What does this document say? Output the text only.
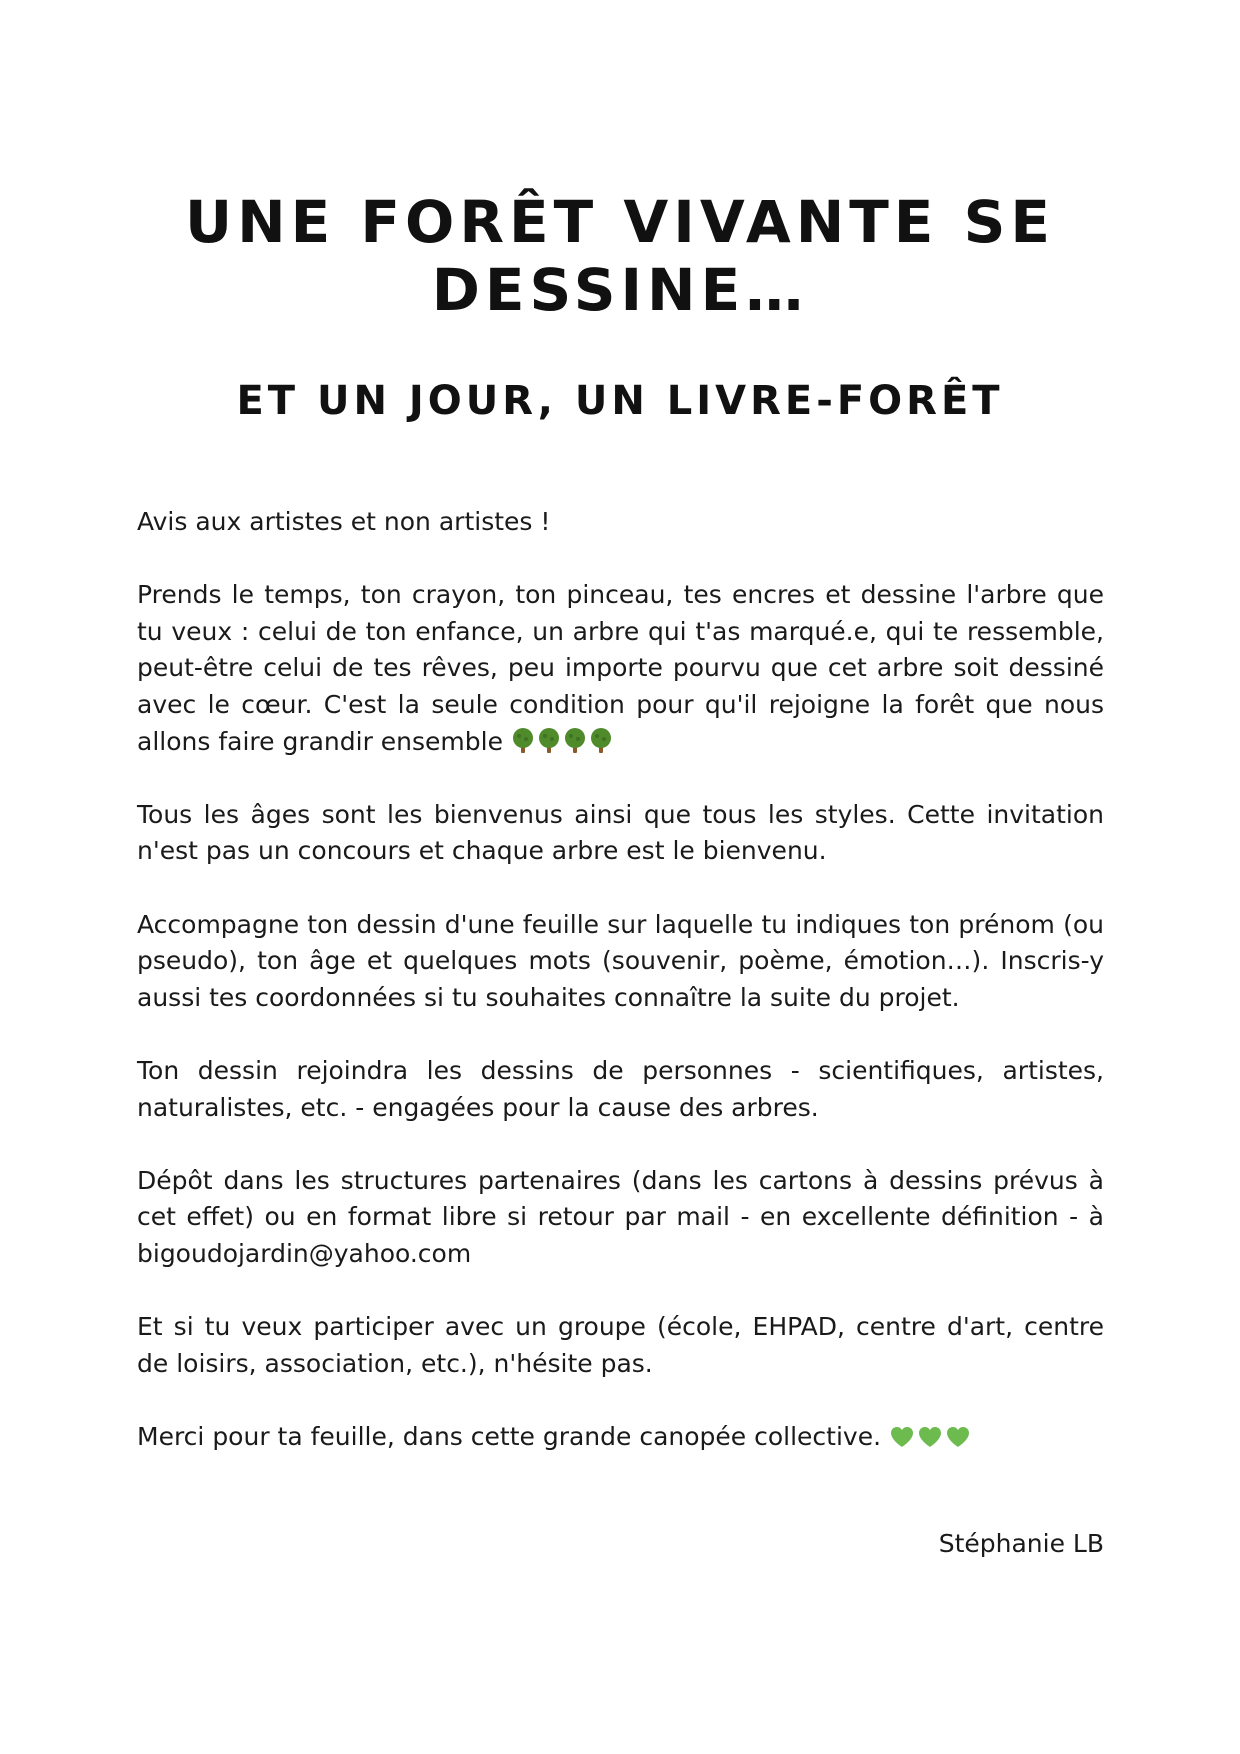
UNE FORÊT VIVANTE SE DESSINE…
ET UN JOUR, UN LIVRE-FORÊT

Avis aux artistes et non artistes !

Prends le temps, ton crayon, ton pinceau, tes encres et dessine l'arbre que tu veux : celui de ton enfance, un arbre qui t'as marqué.e, qui te ressemble, peut-être celui de tes rêves, peu importe pourvu que cet arbre soit dessiné avec le cœur. C'est la seule condition pour qu'il rejoigne la forêt que nous allons faire grandir ensemble

Tous les âges sont les bienvenus ainsi que tous les styles. Cette invitation n'est pas un concours et chaque arbre est le bienvenu.

Accompagne ton dessin d'une feuille sur laquelle tu indiques ton prénom (ou pseudo), ton âge et quelques mots (souvenir, poème, émotion…). Inscris-y aussi tes coordonnées si tu souhaites connaître la suite du projet.

Ton dessin rejoindra les dessins de personnes - scientifiques, artistes, naturalistes, etc. - engagées pour la cause des arbres.

Dépôt dans les structures partenaires (dans les cartons à dessins prévus à cet effet) ou en format libre si retour par mail - en excellente définition - à bigoudojardin@yahoo.com

Et si tu veux participer avec un groupe (école, EHPAD, centre d'art, centre de loisirs, association, etc.), n'hésite pas.

Merci pour ta feuille, dans cette grande canopée collective.

Stéphanie LB
